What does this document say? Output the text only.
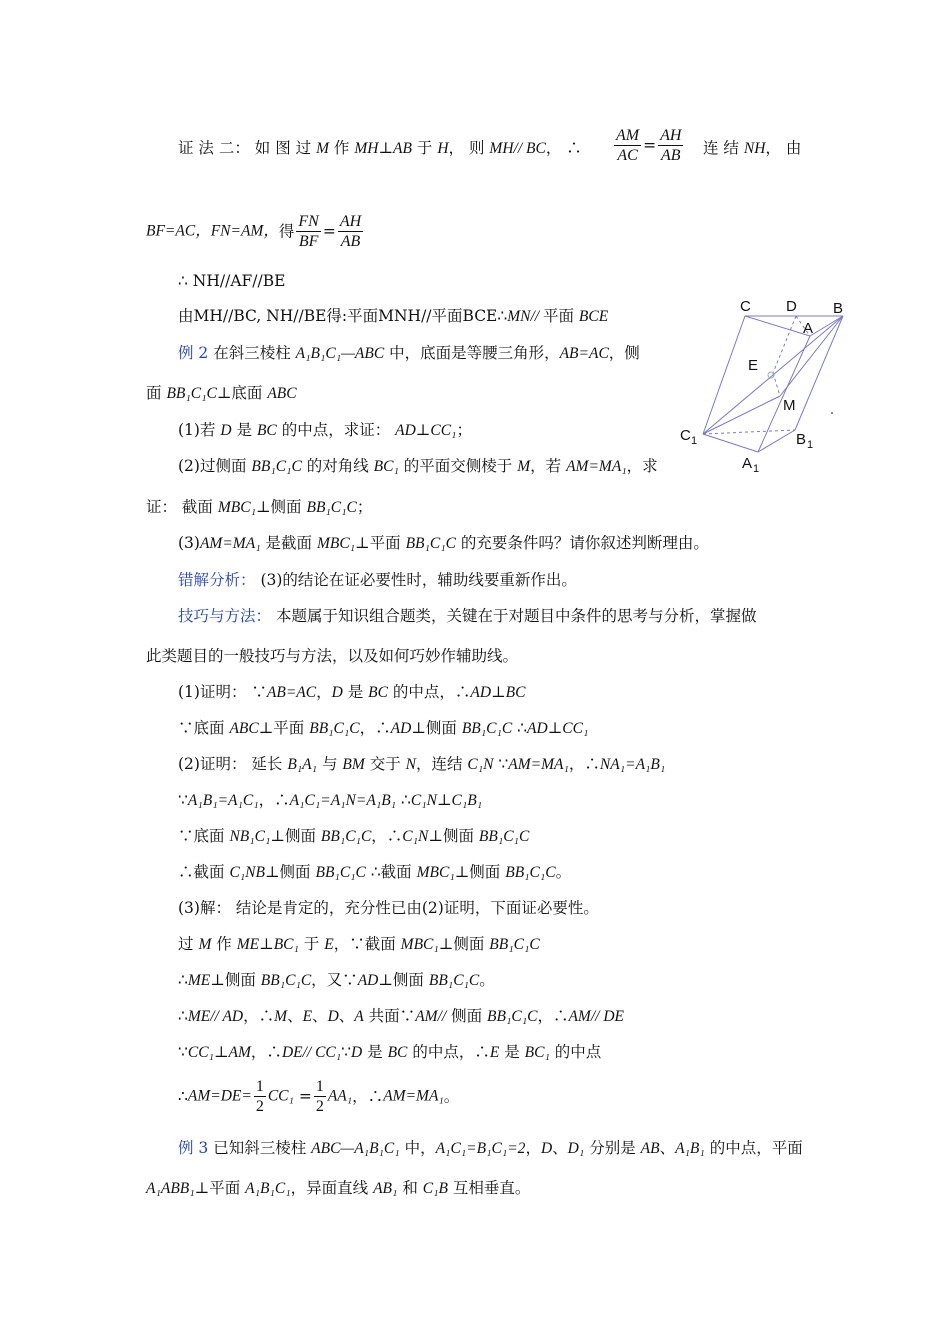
证 法 二： 如 图 过 M 作 MH⊥AB 于 H， 则 MH// BC， ∴ $\frac{AM}{AC} = \frac{AH}{AB}$ 连 结 NH， 由
BF=AC，FN=AM，得 $\frac{FN}{BF} = \frac{AH}{AB}$
∴ NH//AF//BE
由MH//BC, NH//BE得:平面MNH//平面BCE∴MN// 平面 BCE
例 2 在斜三棱柱 A₁B₁C₁—ABC 中，底面是等腰三角形，AB=AC，侧
面 BB₁C₁C⊥底面 ABC
(1)若 D 是 BC 的中点，求证： AD⊥CC₁；
(2)过侧面 BB₁C₁C 的对角线 BC₁ 的平面交侧棱于 M，若 AM=MA₁，求
证： 截面 MBC₁⊥侧面 BB₁C₁C；
(3)AM=MA₁ 是截面 MBC₁⊥平面 BB₁C₁C 的充要条件吗？请你叙述判断理由。
错解分析： (3)的结论在证必要性时，辅助线要重新作出。
技巧与方法： 本题属于知识组合题类，关键在于对题目中条件的思考与分析，掌握做
此类题目的一般技巧与方法，以及如何巧妙作辅助线。
(1)证明： ∵AB=AC，D 是 BC 的中点，∴AD⊥BC
∵底面 ABC⊥平面 BB₁C₁C，∴AD⊥侧面 BB₁C₁C ∴AD⊥CC₁
(2)证明： 延长 B₁A₁ 与 BM 交于 N，连结 C₁N ∵AM=MA₁，∴NA₁=A₁B₁
∵A₁B₁=A₁C₁，∴A₁C₁=A₁N=A₁B₁ ∴C₁N⊥C₁B₁
∵底面 NB₁C₁⊥侧面 BB₁C₁C，∴C₁N⊥侧面 BB₁C₁C
∴截面 C₁NB⊥侧面 BB₁C₁C ∴截面 MBC₁⊥侧面 BB₁C₁C。
(3)解： 结论是肯定的，充分性已由(2)证明，下面证必要性。
过 M 作 ME⊥BC₁ 于 E，∵截面 MBC₁⊥侧面 BB₁C₁C
∴ME⊥侧面 BB₁C₁C，又∵AD⊥侧面 BB₁C₁C。
∴ME// AD，∴M、E、D、A 共面∵AM// 侧面 BB₁C₁C，∴AM// DE
∵CC₁⊥AM，∴DE// CC₁∵D 是 BC 的中点，∴E 是 BC₁ 的中点
∴AM=DE= $\frac{1}{2} CC_1 = \frac{1}{2} AA_1$，∴AM=MA₁。
例 3 已知斜三棱柱 ABC—A₁B₁C₁ 中，A₁C₁=B₁C₁=2，D、D₁ 分别是 AB、A₁B₁ 的中点，平面
A₁ABB₁⊥平面 A₁B₁C₁，异面直线 AB₁ 和 C₁B 互相垂直。
C D B
A
E
M
C 1	B 1
A 1
